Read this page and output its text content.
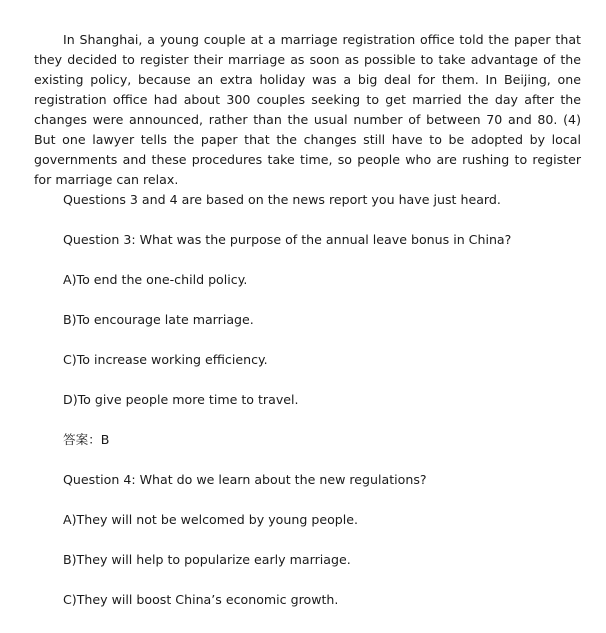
In Shanghai, a young couple at a marriage registration office told the paper that they decided to register their marriage as soon as possible to take advantage of the existing policy, because an extra holiday was a big deal for them. In Beijing, one registration office had about 300 couples seeking to get married the day after the changes were announced, rather than the usual number of between 70 and 80. (4) But one lawyer tells the paper that the changes still have to be adopted by local governments and these procedures take time, so people who are rushing to register for marriage can relax.

Questions 3 and 4 are based on the news report you have just heard.

Question 3: What was the purpose of the annual leave bonus in China?

A)To end the one-child policy.

B)To encourage late marriage.

C)To increase working efficiency.

D)To give people more time to travel.

答案：B

Question 4: What do we learn about the new regulations?

A)They will not be welcomed by young people.

B)They will help to popularize early marriage.

C)They will boost China’s economic growth.
